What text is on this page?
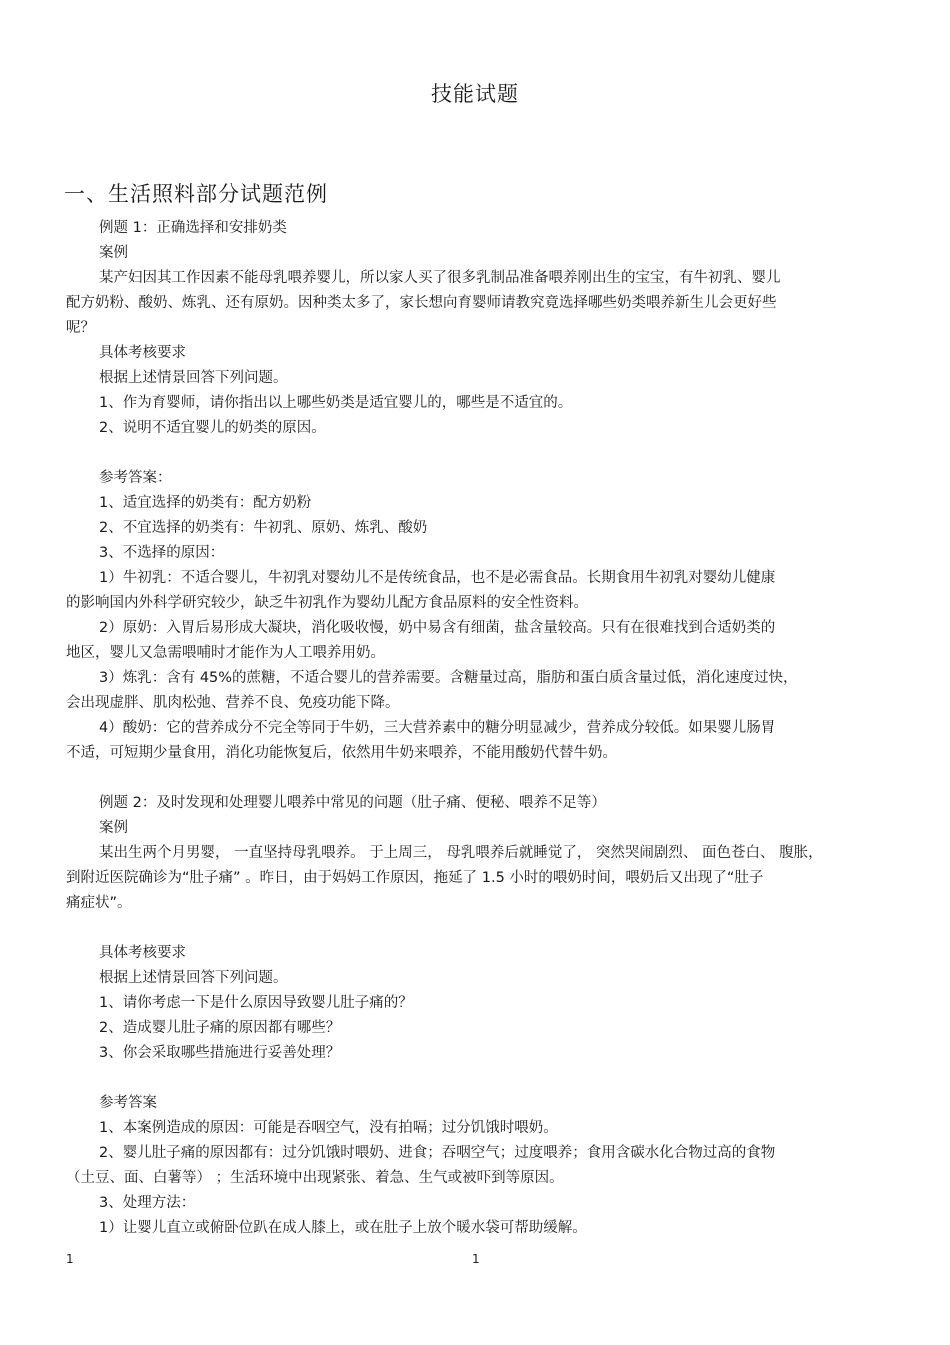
技能试题
一、生活照料部分试题范例
例题 1：正确选择和安排奶类
案例
某产妇因其工作因素不能母乳喂养婴儿，所以家人买了很多乳制品准备喂养刚出生的宝宝，有牛初乳、婴儿
配方奶粉、酸奶、炼乳、还有原奶。因种类太多了，家长想向育婴师请教究竟选择哪些奶类喂养新生儿会更好些
呢？
具体考核要求
根据上述情景回答下列问题。
1、作为育婴师，请你指出以上哪些奶类是适宜婴儿的，哪些是不适宜的。
2、说明不适宜婴儿的奶类的原因。
参考答案：
1、适宜选择的奶类有：配方奶粉
2、不宜选择的奶类有：牛初乳、原奶、炼乳、酸奶
3、不选择的原因：
1）牛初乳：不适合婴儿，牛初乳对婴幼儿不是传统食品，也不是必需食品。长期食用牛初乳对婴幼儿健康
的影响国内外科学研究较少，缺乏牛初乳作为婴幼儿配方食品原料的安全性资料。
2）原奶：入胃后易形成大凝块，消化吸收慢，奶中易含有细菌，盐含量较高。只有在很难找到合适奶类的
地区，婴儿又急需喂哺时才能作为人工喂养用奶。
3）炼乳：含有 45%的蔗糖，不适合婴儿的营养需要。含糖量过高，脂肪和蛋白质含量过低，消化速度过快，
会出现虚胖、肌肉松弛、营养不良、免疫功能下降。
4）酸奶：它的营养成分不完全等同于牛奶，三大营养素中的糖分明显减少，营养成分较低。如果婴儿肠胃
不适，可短期少量食用，消化功能恢复后，依然用牛奶来喂养，不能用酸奶代替牛奶。
例题 2：及时发现和处理婴儿喂养中常见的问题（肚子痛、便秘、喂养不足等）
案例
某出生两个月男婴， 一直坚持母乳喂养。 于上周三， 母乳喂养后就睡觉了， 突然哭闹剧烈、 面色苍白、 腹胀，
到附近医院确诊为“肚子痛” 。昨日，由于妈妈工作原因，拖延了 1.5 小时的喂奶时间，喂奶后又出现了“肚子
痛症状”。
具体考核要求
根据上述情景回答下列问题。
1、请你考虑一下是什么原因导致婴儿肚子痛的？
2、造成婴儿肚子痛的原因都有哪些？
3、你会采取哪些措施进行妥善处理？
参考答案
1、本案例造成的原因：可能是吞咽空气，没有拍嗝；过分饥饿时喂奶。
2、婴儿肚子痛的原因都有：过分饥饿时喂奶、进食；吞咽空气；过度喂养；食用含碳水化合物过高的食物
（土豆、面、白薯等） ；生活环境中出现紧张、着急、生气或被吓到等原因。
3、处理方法：
1）让婴儿直立或俯卧位趴在成人膝上，或在肚子上放个暖水袋可帮助缓解。
1	1
